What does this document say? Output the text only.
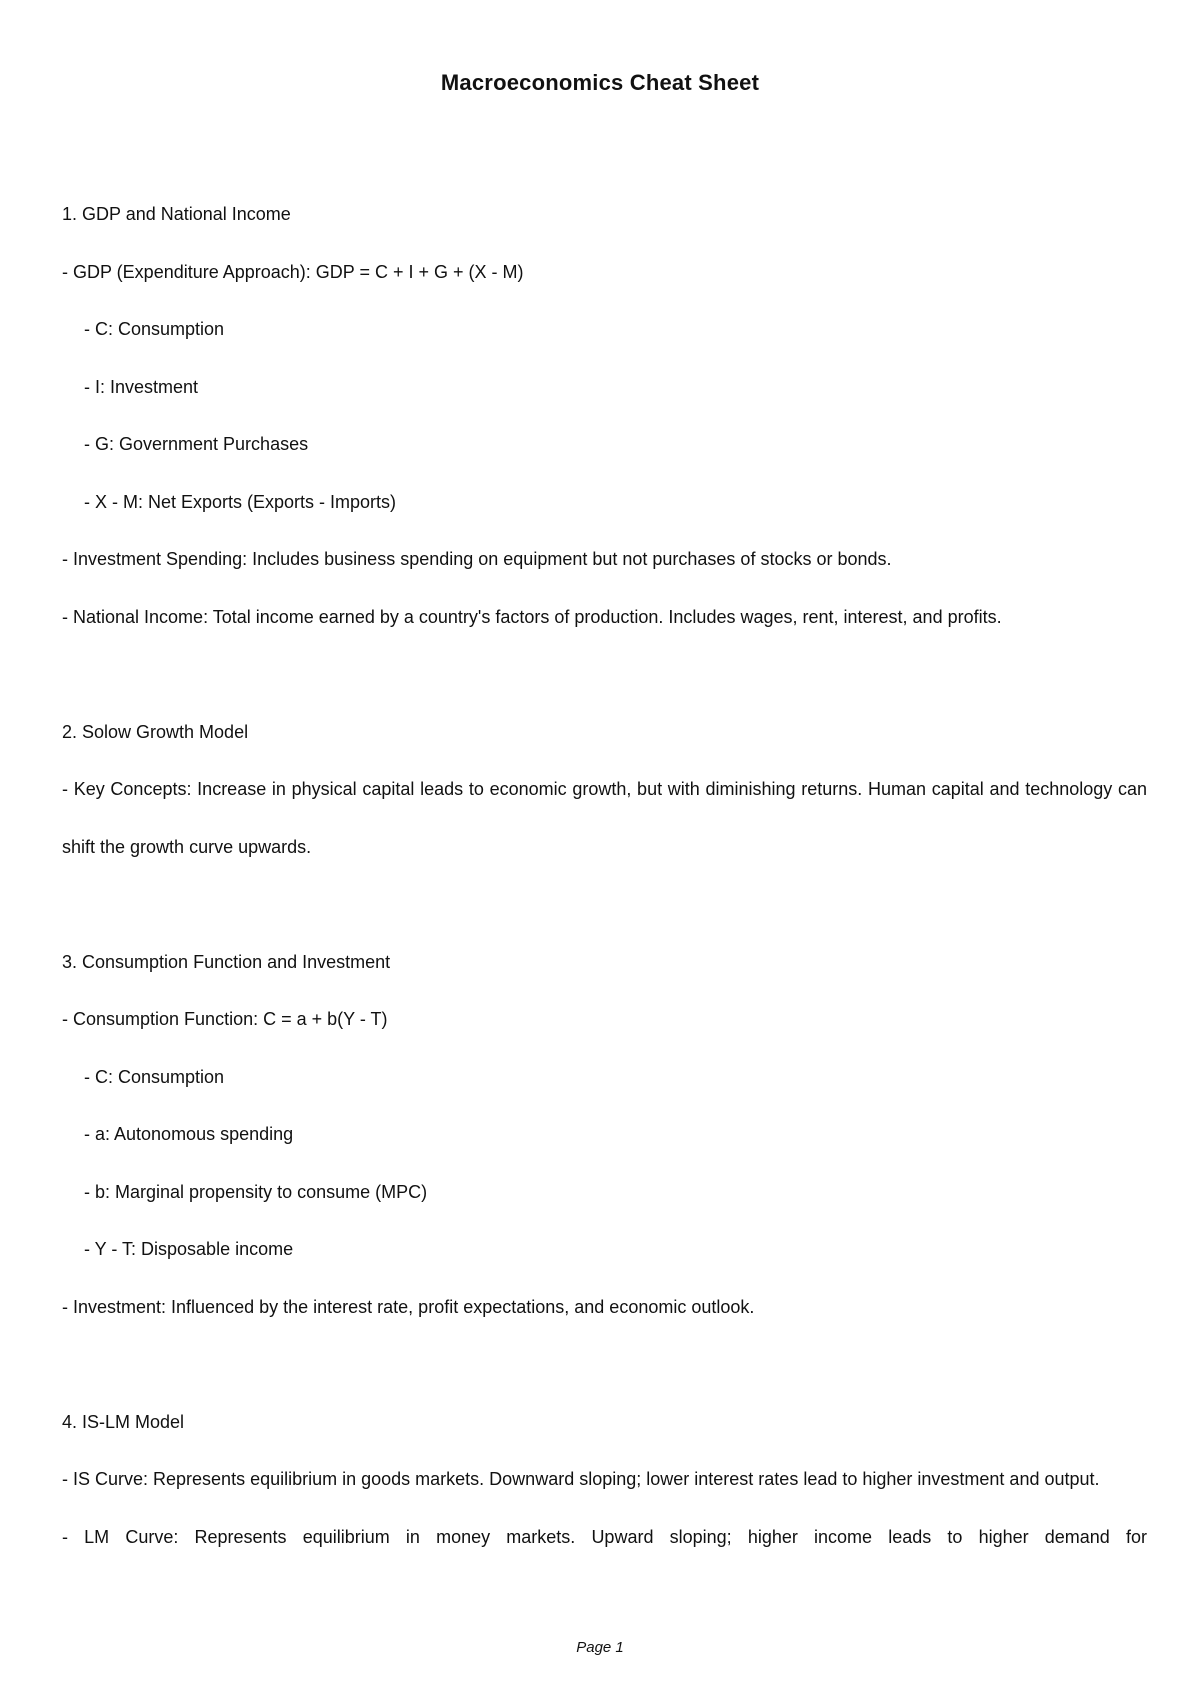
Macroeconomics Cheat Sheet
1. GDP and National Income
- GDP (Expenditure Approach): GDP = C + I + G + (X - M)
- C: Consumption
- I: Investment
- G: Government Purchases
- X - M: Net Exports (Exports - Imports)
- Investment Spending: Includes business spending on equipment but not purchases of stocks or bonds.
- National Income: Total income earned by a country's factors of production. Includes wages, rent, interest, and profits.
2. Solow Growth Model
- Key Concepts: Increase in physical capital leads to economic growth, but with diminishing returns. Human capital and technology can shift the growth curve upwards.
3. Consumption Function and Investment
- Consumption Function: C = a + b(Y - T)
- C: Consumption
- a: Autonomous spending
- b: Marginal propensity to consume (MPC)
- Y - T: Disposable income
- Investment: Influenced by the interest rate, profit expectations, and economic outlook.
4. IS-LM Model
- IS Curve: Represents equilibrium in goods markets. Downward sloping; lower interest rates lead to higher investment and output.
- LM Curve: Represents equilibrium in money markets. Upward sloping; higher income leads to higher demand for
Page 1
